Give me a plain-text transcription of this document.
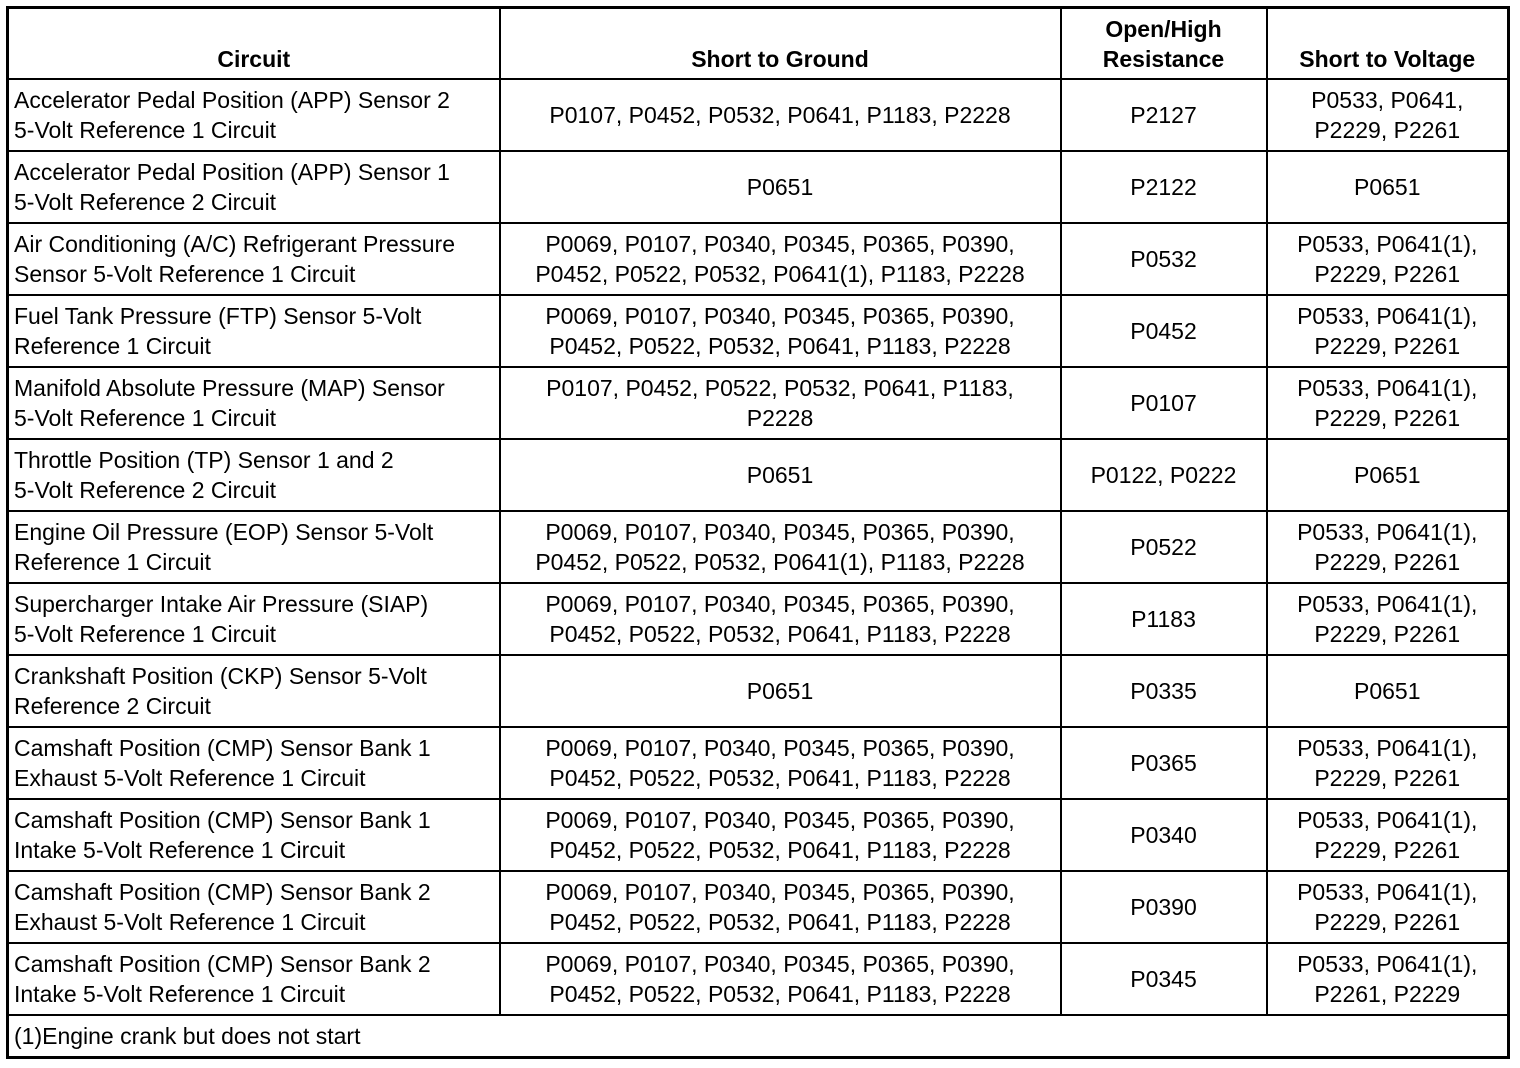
Circuit	Short to Ground	Open/High
Resistance	Short to Voltage

Accelerator Pedal Position (APP) Sensor 2
5-Volt Reference 1 Circuit	P0107, P0452, P0532, P0641, P1183, P2228	P2127	P0533, P0641,
P2229, P2261

Accelerator Pedal Position (APP) Sensor 1
5-Volt Reference 2 Circuit	P0651	P2122	P0651

Air Conditioning (A/C) Refrigerant Pressure
Sensor 5-Volt Reference 1 Circuit	P0069, P0107, P0340, P0345, P0365, P0390,
P0452, P0522, P0532, P0641(1), P1183, P2228	P0532	P0533, P0641(1),
P2229, P2261

Fuel Tank Pressure (FTP) Sensor 5-Volt
Reference 1 Circuit	P0069, P0107, P0340, P0345, P0365, P0390,
P0452, P0522, P0532, P0641, P1183, P2228	P0452	P0533, P0641(1),
P2229, P2261

Manifold Absolute Pressure (MAP) Sensor
5-Volt Reference 1 Circuit	P0107, P0452, P0522, P0532, P0641, P1183,
P2228	P0107	P0533, P0641(1),
P2229, P2261

Throttle Position (TP) Sensor 1 and 2
5-Volt Reference 2 Circuit	P0651	P0122, P0222	P0651

Engine Oil Pressure (EOP) Sensor 5-Volt
Reference 1 Circuit	P0069, P0107, P0340, P0345, P0365, P0390,
P0452, P0522, P0532, P0641(1), P1183, P2228	P0522	P0533, P0641(1),
P2229, P2261

Supercharger Intake Air Pressure (SIAP)
5-Volt Reference 1 Circuit	P0069, P0107, P0340, P0345, P0365, P0390,
P0452, P0522, P0532, P0641, P1183, P2228	P1183	P0533, P0641(1),
P2229, P2261

Crankshaft Position (CKP) Sensor 5-Volt
Reference 2 Circuit	P0651	P0335	P0651

Camshaft Position (CMP) Sensor Bank 1
Exhaust 5-Volt Reference 1 Circuit	P0069, P0107, P0340, P0345, P0365, P0390,
P0452, P0522, P0532, P0641, P1183, P2228	P0365	P0533, P0641(1),
P2229, P2261

Camshaft Position (CMP) Sensor Bank 1
Intake 5-Volt Reference 1 Circuit	P0069, P0107, P0340, P0345, P0365, P0390,
P0452, P0522, P0532, P0641, P1183, P2228	P0340	P0533, P0641(1),
P2229, P2261

Camshaft Position (CMP) Sensor Bank 2
Exhaust 5-Volt Reference 1 Circuit	P0069, P0107, P0340, P0345, P0365, P0390,
P0452, P0522, P0532, P0641, P1183, P2228	P0390	P0533, P0641(1),
P2229, P2261

Camshaft Position (CMP) Sensor Bank 2
Intake 5-Volt Reference 1 Circuit	P0069, P0107, P0340, P0345, P0365, P0390,
P0452, P0522, P0532, P0641, P1183, P2228	P0345	P0533, P0641(1),
P2261, P2229

(1)Engine crank but does not start			
